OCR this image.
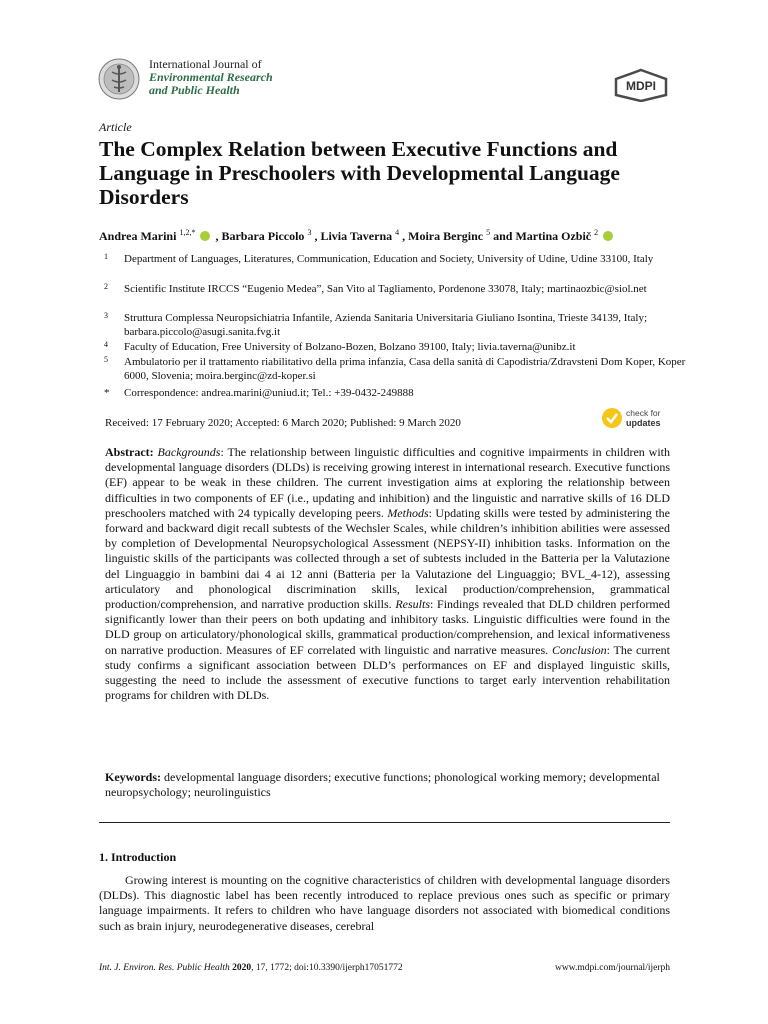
International Journal of
Environmental Research
and Public Health	MDPI
Article
The Complex Relation between Executive Functions and Language in Preschoolers with Developmental Language Disorders
Andrea Marini $^{1,2,*}$ , Barbara Piccolo $^3$ , Livia Taverna $^4$ , Moira Berginc $^5$ and Martina Ozbič $^2$
1 Department of Languages, Literatures, Communication, Education and Society, University of Udine, Udine 33100, Italy
2 Scientific Institute IRCCS “Eugenio Medea”, San Vito al Tagliamento, Pordenone 33078, Italy; martinaozbic@siol.net
3 Struttura Complessa Neuropsichiatria Infantile, Azienda Sanitaria Universitaria Giuliano Isontina, Trieste 34139, Italy; barbara.piccolo@asugi.sanita.fvg.it
4 Faculty of Education, Free University of Bolzano-Bozen, Bolzano 39100, Italy; livia.taverna@unibz.it
5 Ambulatorio per il trattamento riabilitativo della prima infanzia, Casa della sanità di Capodistria/Zdravsteni Dom Koper, Koper 6000, Slovenia; moira.berginc@zd-koper.si
* Correspondence: andrea.marini@uniud.it; Tel.: +39-0432-249888
Received: 17 February 2020; Accepted: 6 March 2020; Published: 9 March 2020
check for
updates
Abstract: Backgrounds: The relationship between linguistic difficulties and cognitive impairments in children with developmental language disorders (DLDs) is receiving growing interest in international research. Executive functions (EF) appear to be weak in these children. The current investigation aims at exploring the relationship between difficulties in two components of EF (i.e., updating and inhibition) and the linguistic and narrative skills of 16 DLD preschoolers matched with 24 typically developing peers. Methods: Updating skills were tested by administering the forward and backward digit recall subtests of the Wechsler Scales, while children’s inhibition abilities were assessed by completion of Developmental Neuropsychological Assessment (NEPSY-II) inhibition tasks. Information on the linguistic skills of the participants was collected through a set of subtests included in the Batteria per la Valutazione del Linguaggio in bambini dai 4 ai 12 anni (Batteria per la Valutazione del Linguaggio; BVL_4-12), assessing articulatory and phonological discrimination skills, lexical production/comprehension, grammatical production/comprehension, and narrative production skills. Results: Findings revealed that DLD children performed significantly lower than their peers on both updating and inhibitory tasks. Linguistic difficulties were found in the DLD group on articulatory/phonological skills, grammatical production/comprehension, and lexical informativeness on narrative production. Measures of EF correlated with linguistic and narrative measures. Conclusion: The current study confirms a significant association between DLD’s performances on EF and displayed linguistic skills, suggesting the need to include the assessment of executive functions to target early intervention rehabilitation programs for children with DLDs.
Keywords: developmental language disorders; executive functions; phonological working memory; developmental neuropsychology; neurolinguistics
1. Introduction
Growing interest is mounting on the cognitive characteristics of children with developmental language disorders (DLDs). This diagnostic label has been recently introduced to replace previous ones such as specific or primary language impairments. It refers to children who have language disorders not associated with biomedical conditions such as brain injury, neurodegenerative diseases, cerebral
Int. J. Environ. Res. Public Health 2020, 17, 1772; doi:10.3390/ijerph17051772	www.mdpi.com/journal/ijerph
